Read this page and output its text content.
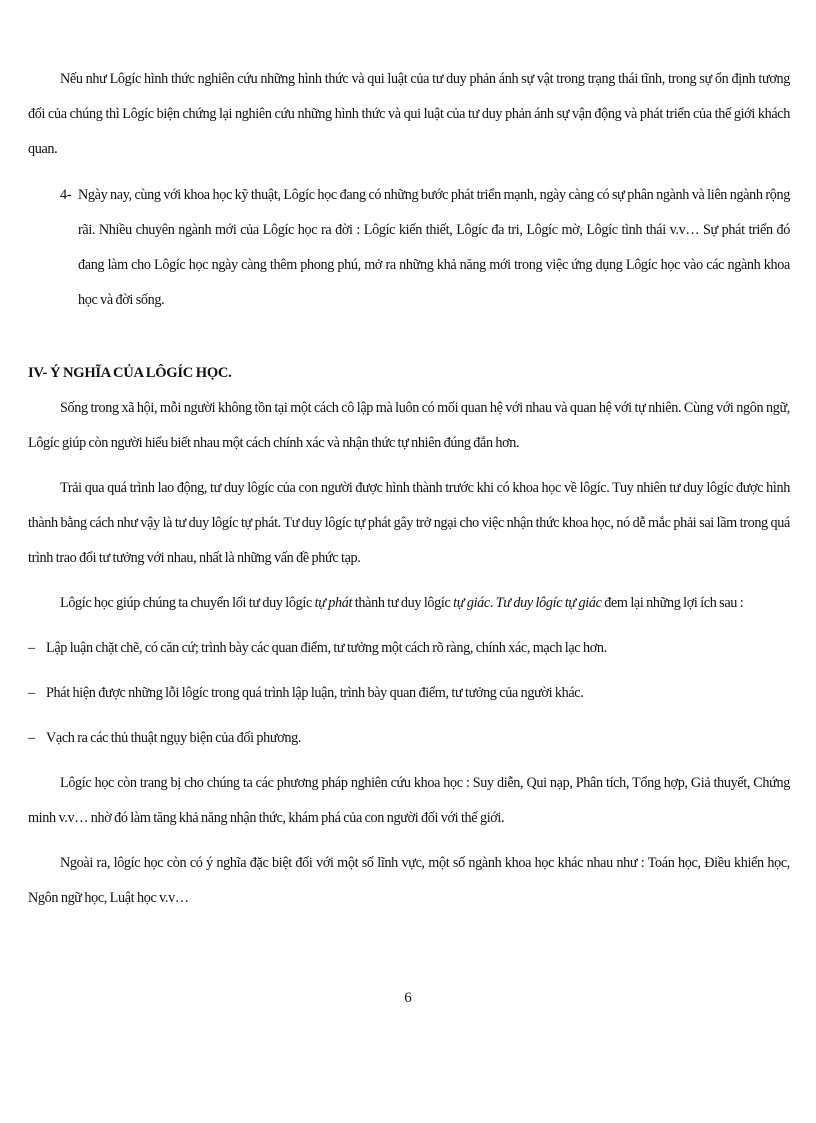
Nếu như Lôgíc hình thức nghiên cứu những hình thức và qui luật của tư duy phản ánh sự vật trong trạng thái tĩnh, trong sự ổn định tương đối của chúng thì Lôgíc biện chứng lại nghiên cứu những hình thức và qui luật của tư duy phản ánh sự vận động và phát triển của thế giới khách quan.

4- Ngày nay, cùng với khoa học kỹ thuật, Lôgíc học đang có những bước phát triển mạnh, ngày càng có sự phân ngành và liên ngành rộng rãi. Nhiều chuyên ngành mới của Lôgíc học ra đời : Lôgíc kiến thiết, Lôgíc đa tri, Lôgíc mờ, Lôgíc tình thái v.v… Sự phát triển đó đang làm cho Lôgíc học ngày càng thêm phong phú, mở ra những khả năng mới trong việc ứng dụng Lôgíc học vào các ngành khoa học và đời sống.

IV- Ý NGHĨA CỦA LÔGÍC HỌC.

Sống trong xã hội, mỗi người không tồn tại một cách cô lập mà luôn có mối quan hệ với nhau và quan hệ với tự nhiên. Cùng với ngôn ngữ, Lôgíc giúp còn người hiểu biết nhau một cách chính xác và nhận thức tự nhiên đúng đắn hơn.

Trải qua quá trình lao động, tư duy lôgíc của con người được hình thành trước khi có khoa học về lôgíc. Tuy nhiên tư duy lôgíc được hình thành bằng cách như vậy là tư duy lôgíc tự phát. Tư duy lôgíc tự phát gây trở ngại cho việc nhận thức khoa học, nó dễ mắc phải sai lầm trong quá trình trao đổi tư tưởng với nhau, nhất là những vấn đề phức tạp.

Lôgíc học giúp chúng ta chuyển lối tư duy lôgíc tự phát thành tư duy lôgíc tự giác. Tư duy lôgíc tự giác đem lại những lợi ích sau :

– Lập luận chặt chẽ, có căn cứ; trình bày các quan điểm, tư tưởng một cách rõ ràng, chính xác, mạch lạc hơn.

– Phát hiện được những lỗi lôgíc trong quá trình lập luận, trình bày quan điểm, tư tưởng của người khác.

– Vạch ra các thủ thuật ngụy biện của đối phương.

Lôgíc học còn trang bị cho chúng ta các phương pháp nghiên cứu khoa học : Suy diễn, Qui nạp, Phân tích, Tổng hợp, Giả thuyết, Chứng minh v.v… nhờ đó làm tăng khả năng nhận thức, khám phá của con người đối với thế giới.

Ngoài ra, lôgíc học còn có ý nghĩa đặc biệt đối với một số lĩnh vực, một số ngành khoa học khác nhau như : Toán học, Điều khiển học, Ngôn ngữ học, Luật học v.v…

6
